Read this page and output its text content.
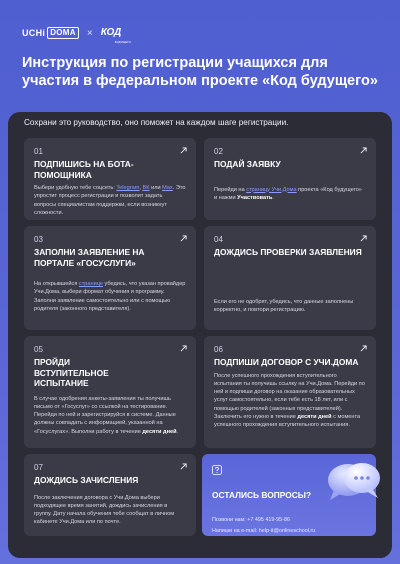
UCHi DOMA	× КОД
БУДУЩЕГО
Инструкция по регистрации учащихся для участия в федеральном проекте «Код будущего»
Сохрани это руководство, оно поможет на каждом шаге регистрации.
01
ПОДПИШИСЬ НА БОТА-ПОМОЩНИКА
Выбери удобную тебе соцсеть: Telegram, ВК или Max. Это упростит процесс регистрации и позволит задать вопросы специалистам поддержки, если возникнут сложности.
02
ПОДАЙ ЗАЯВКУ
Перейди на страницу Учи.Дома проекта «Код будущего» и нажми Участвовать.
03
ЗАПОЛНИ ЗАЯВЛЕНИЕ НА ПОРТАЛЕ «ГОСУСЛУГИ»
На открывшейся странице убедись, что указан провайдер Учи.Дома, выбери формат обучения и программу. Заполни заявление самостоятельно или с помощью родителя (законного представителя).
04
ДОЖДИСЬ ПРОВЕРКИ ЗАЯВЛЕНИЯ
Если его не одобрят, убедись, что данные заполнены корректно, и повтори регистрацию.
05
ПРОЙДИ ВСТУПИТЕЛЬНОЕ ИСПЫТАНИЕ
В случае одобрения анкеты-заявления ты получишь письмо от «Госуслуг» со ссылкой на тестирование. Перейди по ней и зарегистрируйся в системе. Данные должны совпадать с информацией, указанной на «Госуслугах». Выполни работу в течение десяти дней.
06
ПОДПИШИ ДОГОВОР С УЧИ.ДОМА
После успешного прохождения вступительного испытания ты получишь ссылку на Учи.Дома. Перейди по ней и подпиши договор на оказание образовательных услуг самостоятельно, если тебе есть 18 лет, или с помощью родителей (законных представителей). Заключить его нужно в течение десяти дней с момента успешного прохождения вступительного испытания.
07
ДОЖДИСЬ ЗАЧИСЛЕНИЯ
После заключения договора с Учи.Дома выбери подходящее время занятий, дождись зачисления в группу. Дату начала обучения тебе сообщат в личном кабинете Учи.Дома или по почте.
ОСТАЛИСЬ ВОПРОСЫ?
Позвони нам: +7 495 419-95-86
Напиши на e-mail: help-it@onlineschool.ru
